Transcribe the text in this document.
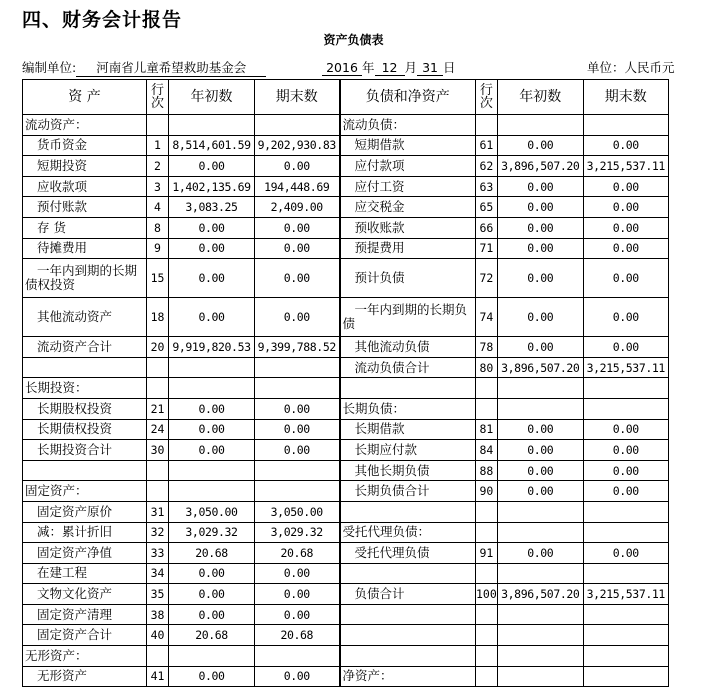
四、财务会计报告
资产负债表
编制单位: 河南省儿童希望救助基金会	2016 年 12 月 31 日	单位：人民币元
资 产	行次	年初数	期末数	负债和净资产	行次	年初数	期末数
流动资产：				流动负债：			
货币资金	1	8,514,601.59	9,202,930.83	短期借款	61	0.00	0.00
短期投资	2	0.00	0.00	应付款项	62	3,896,507.20	3,215,537.11
应收款项	3	1,402,135.69	194,448.69	应付工资	63	0.00	0.00
预付账款	4	3,083.25	2,409.00	应交税金	65	0.00	0.00
存 货	8	0.00	0.00	预收账款	66	0.00	0.00
待摊费用	9	0.00	0.00	预提费用	71	0.00	0.00
一年内到期的长期债权投资	15	0.00	0.00	预计负债	72	0.00	0.00
其他流动资产	18	0.00	0.00	一年内到期的长期负债	74	0.00	0.00
流动资产合计	20	9,919,820.53	9,399,788.52	其他流动负债	78	0.00	0.00
				流动负债合计	80	3,896,507.20	3,215,537.11
长期投资：							
长期股权投资	21	0.00	0.00	长期负债：			
长期债权投资	24	0.00	0.00	长期借款	81	0.00	0.00
长期投资合计	30	0.00	0.00	长期应付款	84	0.00	0.00
				其他长期负债	88	0.00	0.00
固定资产：				长期负债合计	90	0.00	0.00
固定资产原价	31	3,050.00	3,050.00				
减：累计折旧	32	3,029.32	3,029.32	受托代理负债：			
固定资产净值	33	20.68	20.68	受托代理负债	91	0.00	0.00
在建工程	34	0.00	0.00				
文物文化资产	35	0.00	0.00	负债合计	100	3,896,507.20	3,215,537.11
固定资产清理	38	0.00	0.00				
固定资产合计	40	20.68	20.68				
无形资产：							
无形资产	41	0.00	0.00	净资产：			
